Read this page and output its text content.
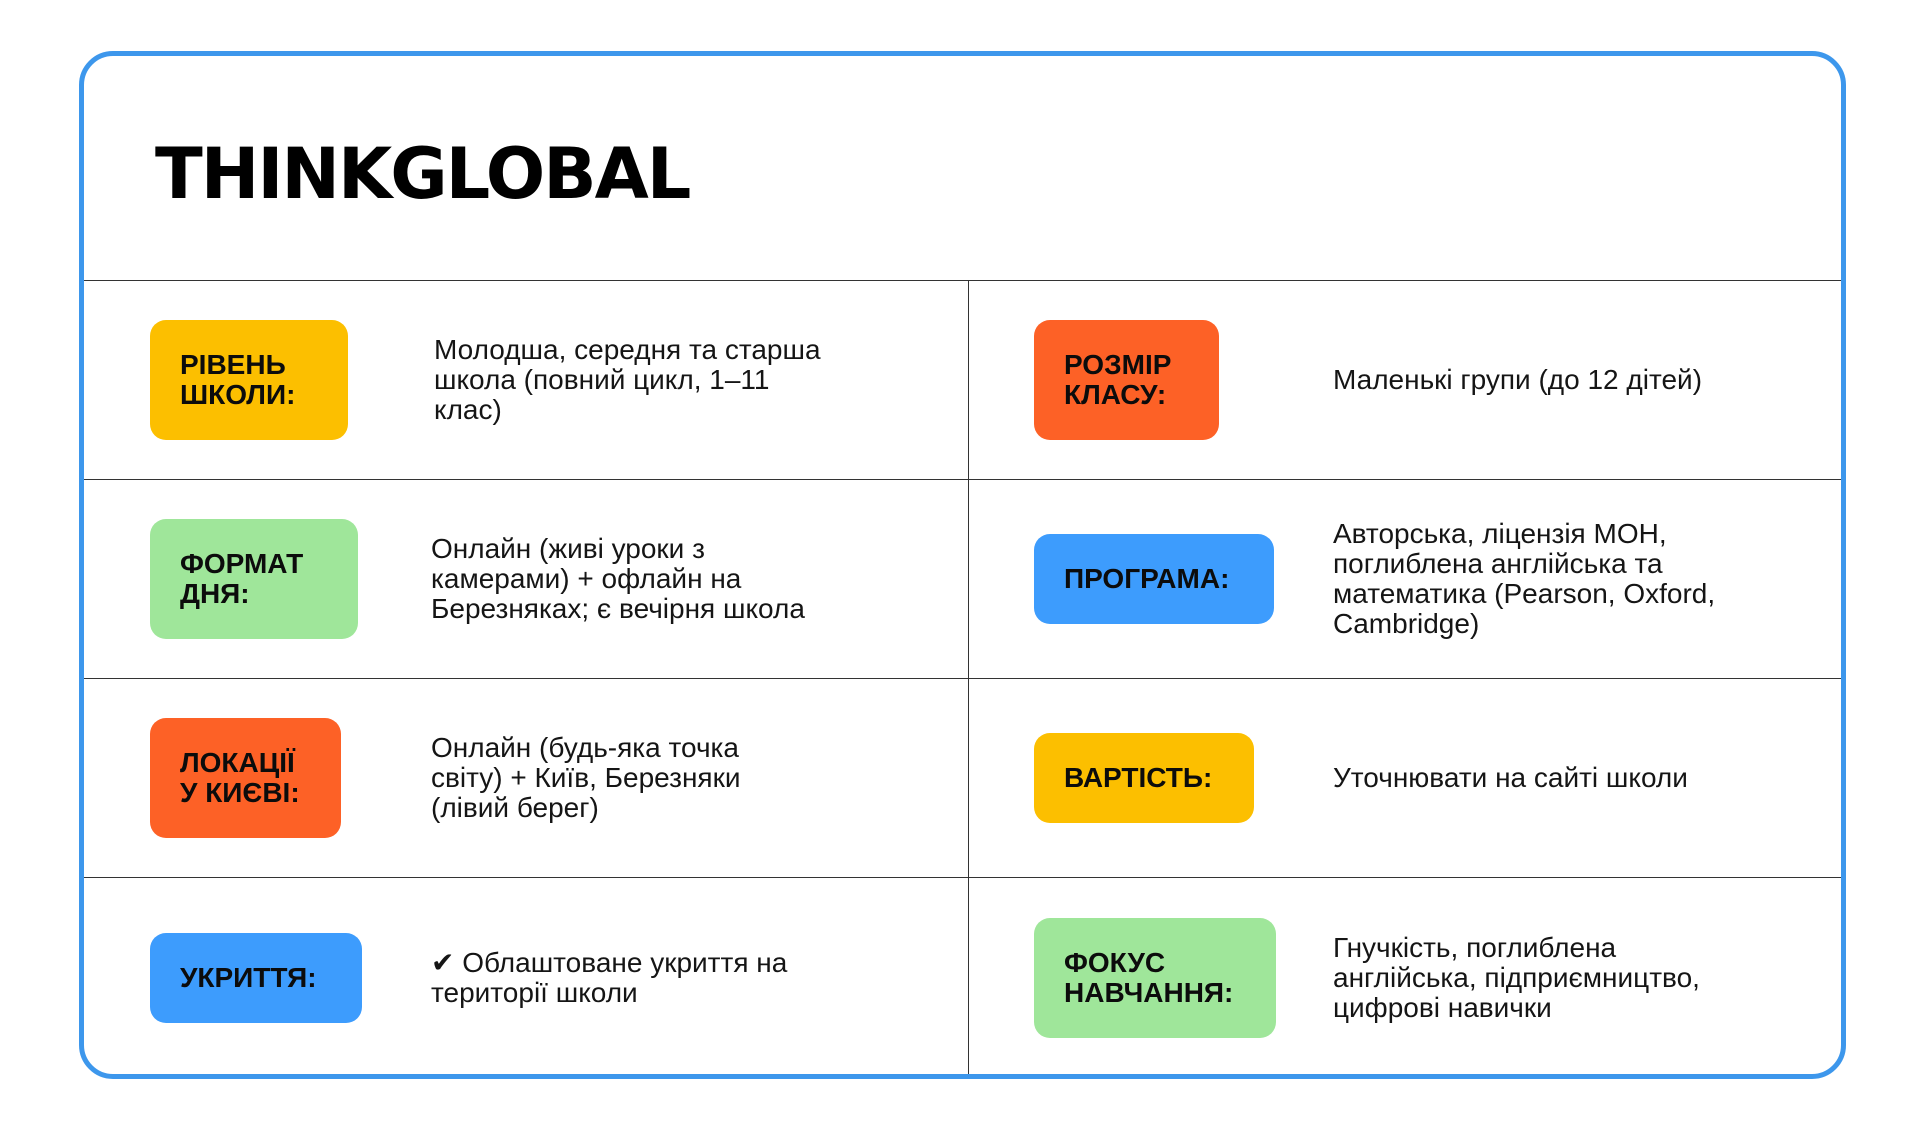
THINKGLOBAL
РІВЕНЬ
ШКОЛИ:
Молодша, середня та старша
школа (повний цикл, 1–11
клас)
РОЗМІР
КЛАСУ:	Маленькі групи (до 12 дітей)
ФОРМАТ
ДНЯ:
Онлайн (живі уроки з
камерами) + офлайн на
Березняках; є вечірня школа
ПРОГРАМА:
Авторська, ліцензія МОН,
поглиблена англійська та
математика (Pearson, Oxford,
Cambridge)
ЛОКАЦІЇ
У КИЄВІ:
Онлайн (будь-яка точка
світу) + Київ, Березняки
(лівий берег)
ВАРТІСТЬ:	Уточнювати на сайті школи
УКРИТТЯ:	✔ Облаштоване укриття на
території школи
ФОКУС
НАВЧАННЯ:
Гнучкість, поглиблена
англійська, підприємництво,
цифрові навички
